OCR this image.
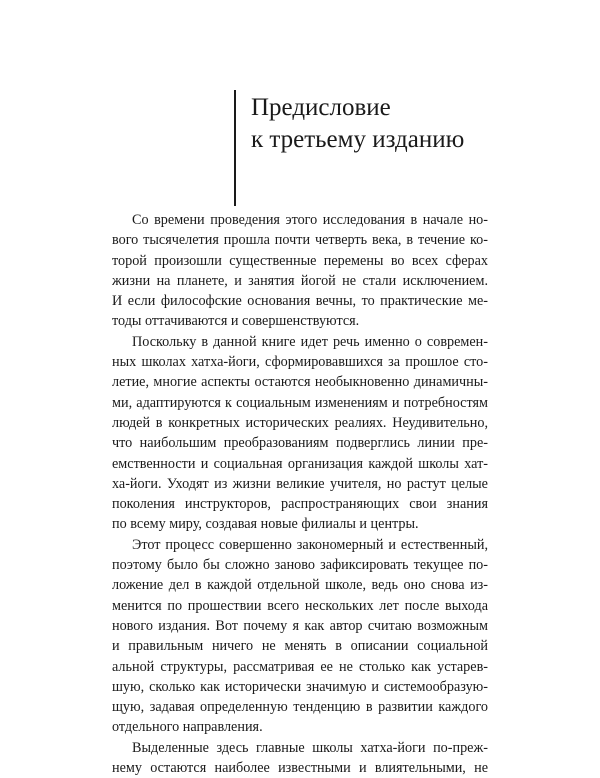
Предисловие
к третьему изданию

Со времени проведения этого исследования в начале но-
вого тысячелетия прошла почти четверть века, в течение ко-
торой произошли существенные перемены во всех сферах
жизни на планете, и занятия йогой не стали исключением.
И если философские основания вечны, то практические ме-
тоды оттачиваются и совершенствуются.

Поскольку в данной книге идет речь именно о современ-
ных школах хатха-йоги, сформировавшихся за прошлое сто-
летие, многие аспекты остаются необыкновенно динамичны-
ми, адаптируются к социальным изменениям и потребностям
людей в конкретных исторических реалиях. Неудивительно,
что наибольшим преобразованиям подверглись линии пре-
емственности и социальная организация каждой школы хат-
ха-йоги. Уходят из жизни великие учителя, но растут целые
поколения инструкторов, распространяющих свои знания
по всему миру, создавая новые филиалы и центры.

Этот процесс совершенно закономерный и естественный,
поэтому было бы сложно заново зафиксировать текущее по-
ложение дел в каждой отдельной школе, ведь оно снова из-
менится по прошествии всего нескольких лет после выхода
нового издания. Вот почему я как автор считаю возможным
и правильным ничего не менять в описании социальной
альной структуры, рассматривая ее не столько как устарев-
шую, сколько как исторически значимую и системообразую-
щую, задавая определенную тенденцию в развитии каждого
отдельного направления.

Выделенные здесь главные школы хатха-йоги по-преж-
нему остаются наиболее известными и влиятельными, не
